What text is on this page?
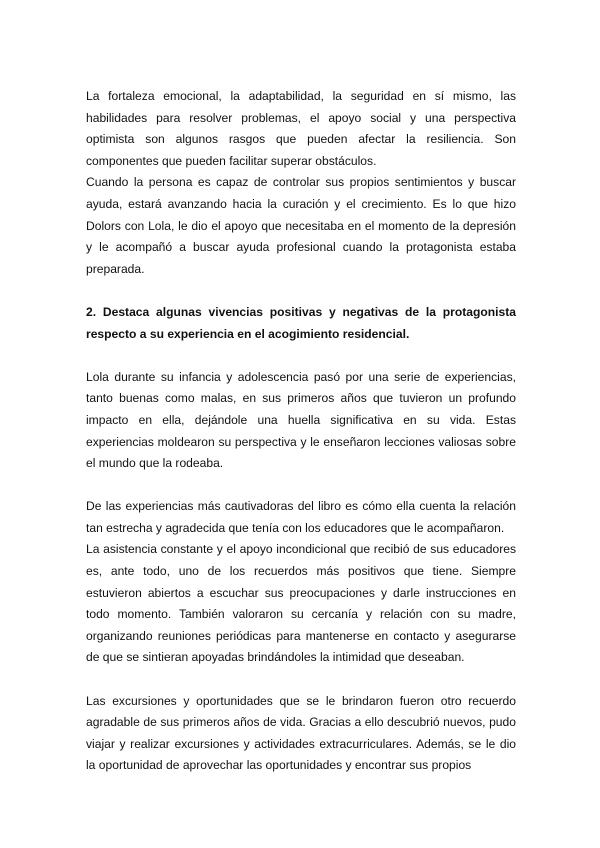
La fortaleza emocional, la adaptabilidad, la seguridad en sí mismo, las habilidades para resolver problemas, el apoyo social y una perspectiva optimista son algunos rasgos que pueden afectar la resiliencia. Son componentes que pueden facilitar superar obstáculos.

Cuando la persona es capaz de controlar sus propios sentimientos y buscar ayuda, estará avanzando hacia la curación y el crecimiento. Es lo que hizo Dolors con Lola, le dio el apoyo que necesitaba en el momento de la depresión y le acompañó a buscar ayuda profesional cuando la protagonista estaba preparada.

2. Destaca algunas vivencias positivas y negativas de la protagonista respecto a su experiencia en el acogimiento residencial.

Lola durante su infancia y adolescencia pasó por una serie de experiencias, tanto buenas como malas, en sus primeros años que tuvieron un profundo impacto en ella, dejándole una huella significativa en su vida. Estas experiencias moldearon su perspectiva y le enseñaron lecciones valiosas sobre el mundo que la rodeaba.

De las experiencias más cautivadoras del libro es cómo ella cuenta la relación tan estrecha y agradecida que tenía con los educadores que le acompañaron.

La asistencia constante y el apoyo incondicional que recibió de sus educadores es, ante todo, uno de los recuerdos más positivos que tiene. Siempre estuvieron abiertos a escuchar sus preocupaciones y darle instrucciones en todo momento. También valoraron su cercanía y relación con su madre, organizando reuniones periódicas para mantenerse en contacto y asegurarse de que se sintieran apoyadas brindándoles la intimidad que deseaban.

Las excursiones y oportunidades que se le brindaron fueron otro recuerdo agradable de sus primeros años de vida. Gracias a ello descubrió nuevos, pudo viajar y realizar excursiones y actividades extracurriculares. Además, se le dio la oportunidad de aprovechar las oportunidades y encontrar sus propios
